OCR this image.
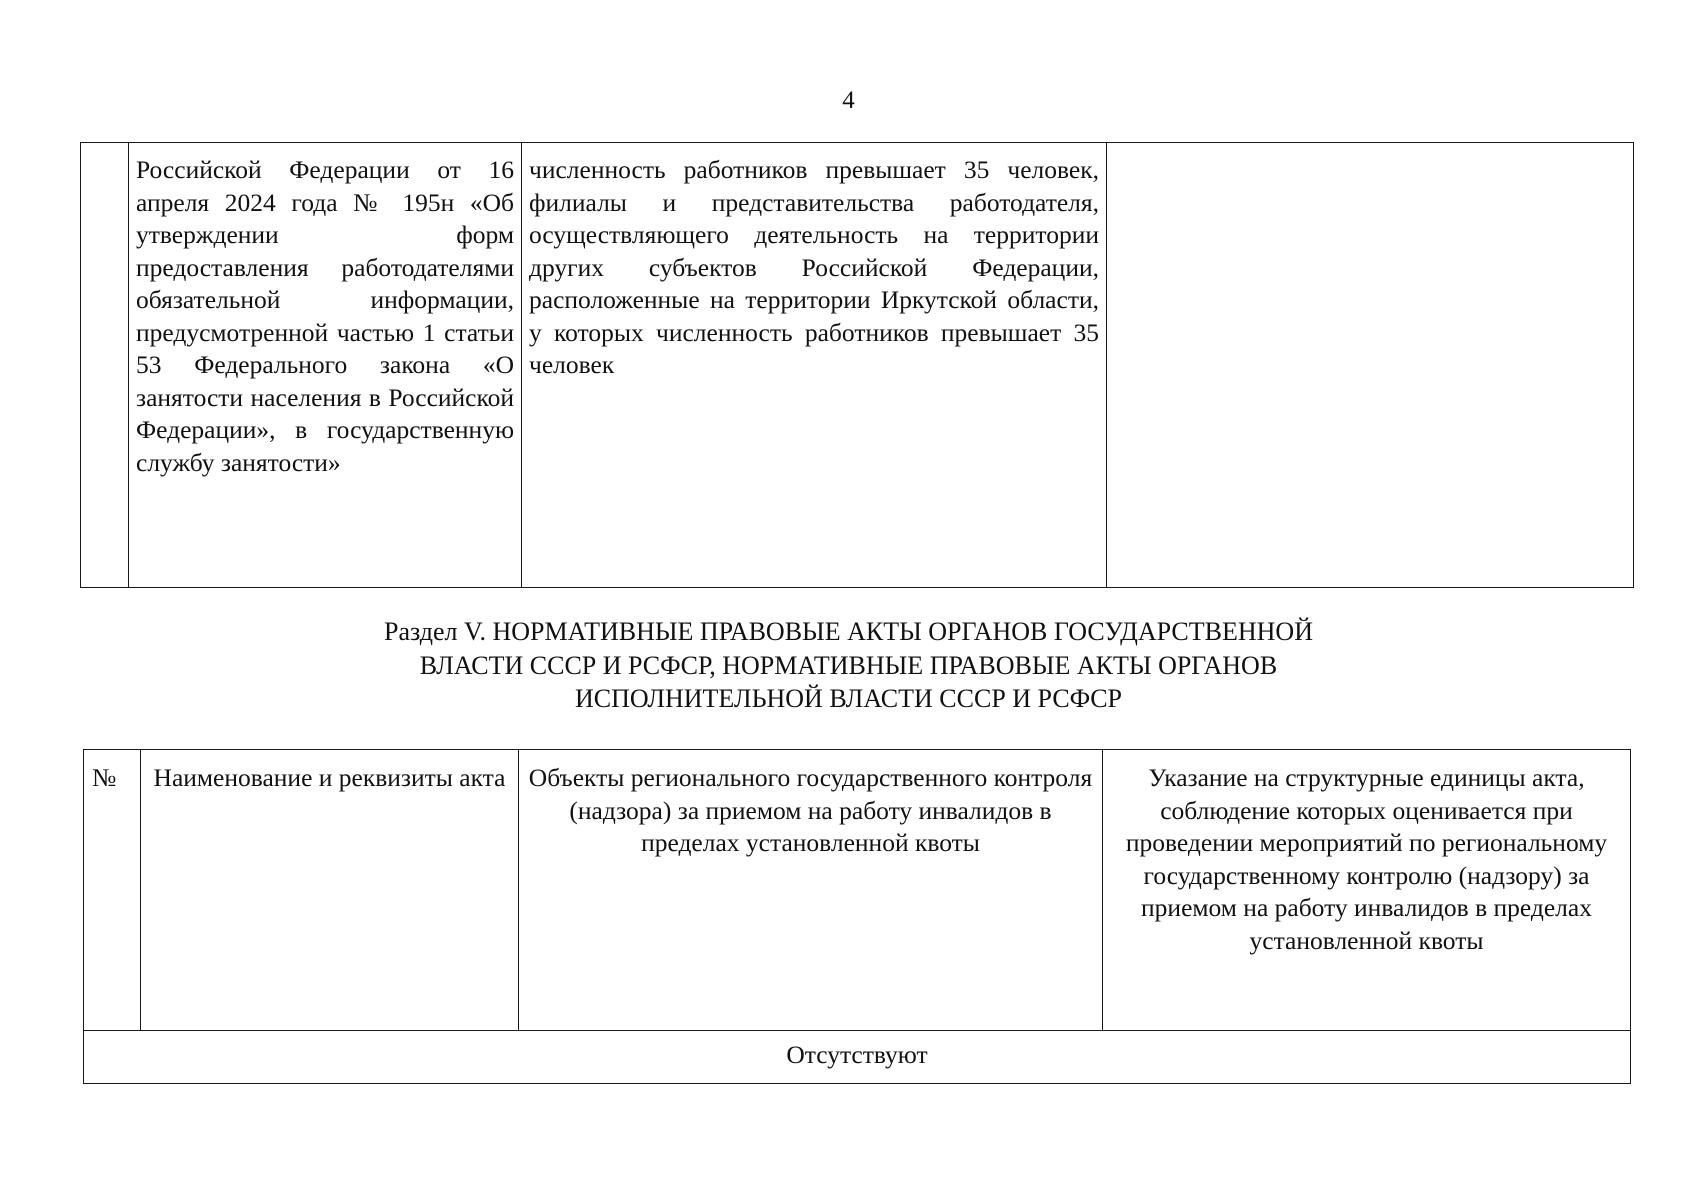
4
	Российской Федерации от 16 апреля 2024 года № 195н «Об утверждении форм предоставления работодателями обязательной информации, предусмотренной частью 1 статьи 53 Федерального закона «О занятости населения в Российской Федерации», в государственную службу занятости»	численность работников превышает 35 человек, филиалы и представительства работодателя, осуществляющего деятельность на территории других субъектов Российской Федерации, расположенные на территории Иркутской области, у которых численность работников превышает 35 человек	
Раздел V. НОРМАТИВНЫЕ ПРАВОВЫЕ АКТЫ ОРГАНОВ ГОСУДАРСТВЕННОЙ
ВЛАСТИ СССР И РСФСР, НОРМАТИВНЫЕ ПРАВОВЫЕ АКТЫ ОРГАНОВ
ИСПОЛНИТЕЛЬНОЙ ВЛАСТИ СССР И РСФСР
№	Наименование и реквизиты акта	Объекты регионального государственного контроля (надзора) за приемом на работу инвалидов в пределах установленной квоты	Указание на структурные единицы акта, соблюдение которых оценивается при проведении мероприятий по региональному государственному контролю (надзору) за приемом на работу инвалидов в пределах установленной квоты
Отсутствуют
